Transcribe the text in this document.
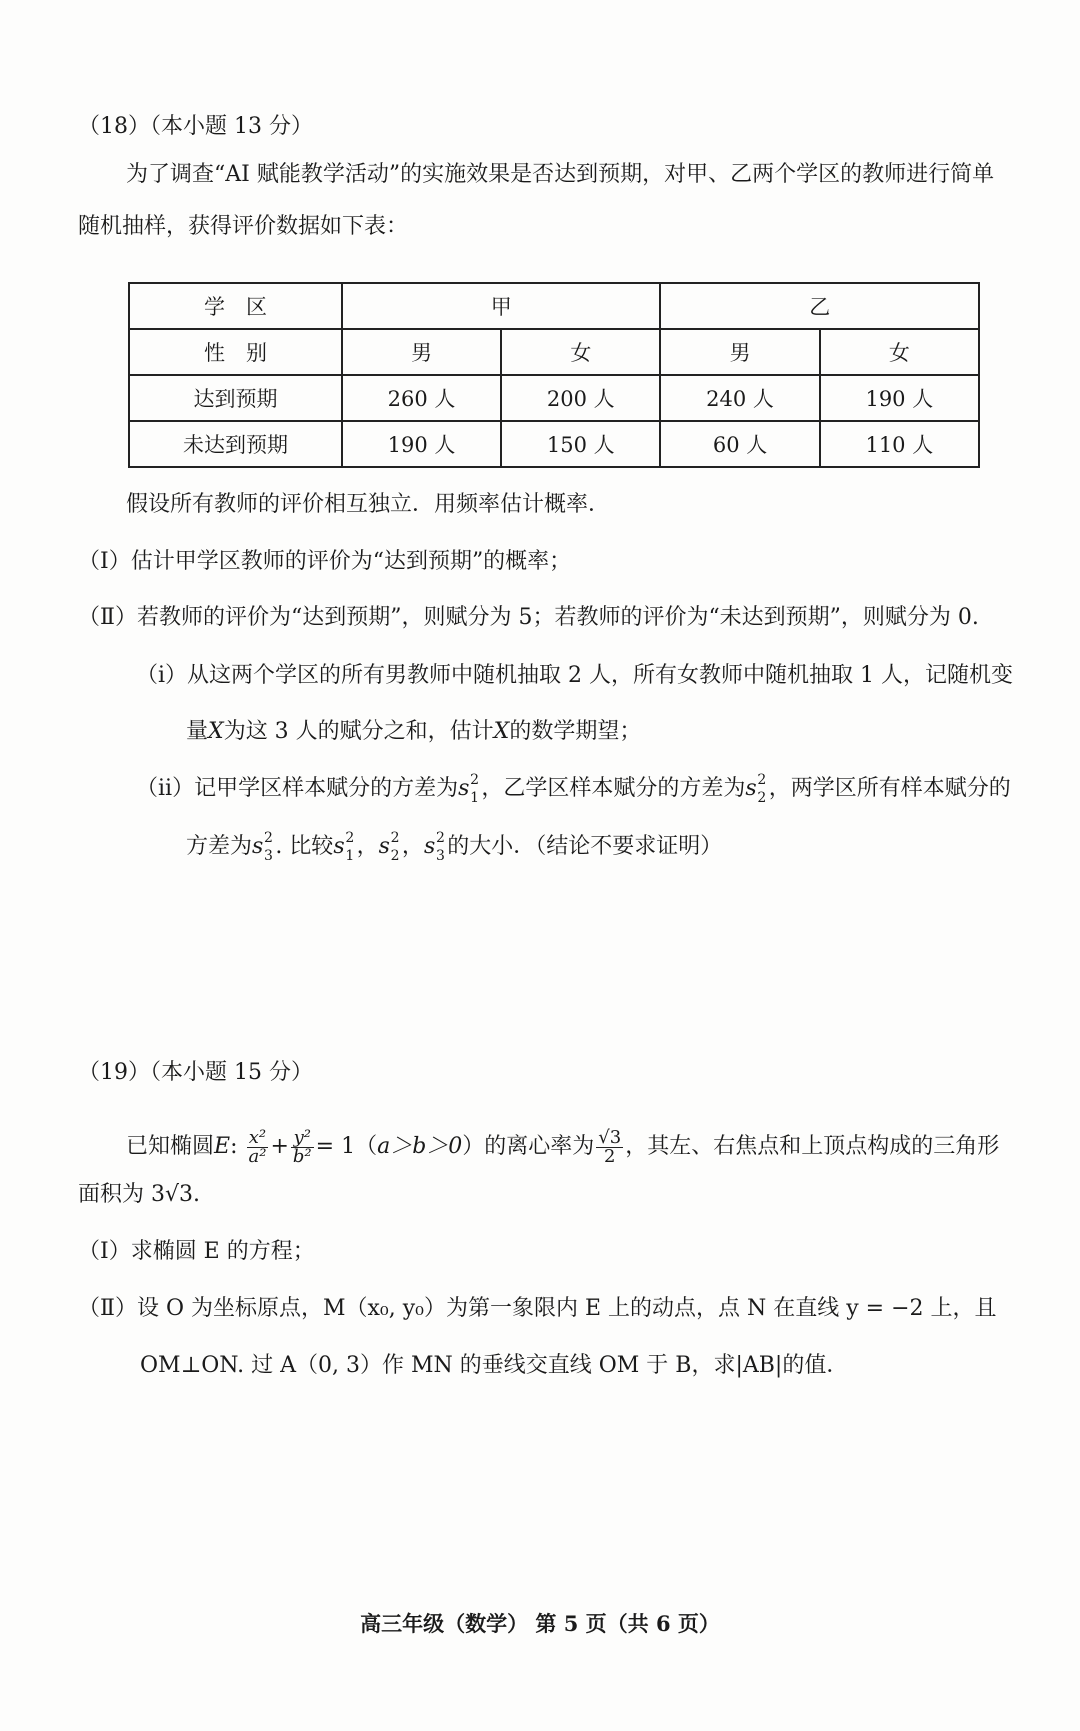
（18）（本小题 13 分）
为了调查“AI 赋能教学活动”的实施效果是否达到预期，对甲、乙两个学区的教师进行简单
随机抽样，获得评价数据如下表：
学　区	甲		乙	
性　别	男	女	男	女
达到预期	260 人	200 人	240 人	190 人
未达到预期	190 人	150 人	60 人	110 人
假设所有教师的评价相互独立．用频率估计概率．
（Ⅰ）估计甲学区教师的评价为“达到预期”的概率；
（Ⅱ）若教师的评价为“达到预期”，则赋分为 5；若教师的评价为“未达到预期”，则赋分为 0.
（ⅰ）从这两个学区的所有男教师中随机抽取 2 人，所有女教师中随机抽取 1 人，记随机变
量X为这 3 人的赋分之和，估计X的数学期望；
（ⅱ）记甲学区样本赋分的方差为s 2
1 ，乙学区样本赋分的方差为s 2
2 ，两学区所有样本赋分的
方差为s 2
3 . 比较s 2
1 ，s 2
2 ，s 2
3 的大小．（结论不要求证明）
（19）（本小题 15 分）
已知椭圆E: $\frac{\text{x²}}{\text{a²}} + \frac{\text{y²}}{\text{b²}} = 1(a>b>0)$的离心率为 $\frac{√3}{2}$ ，其左、右焦点和上顶点构成的三角形
面积为 3√3.
（Ⅰ）求椭圆 E 的方程；
（Ⅱ）设 O 为坐标原点，M（x₀, y₀）为第一象限内 E 上的动点，点 N 在直线 y = −2 上，且
OM⊥ON. 过 A（0, 3）作 MN 的垂线交直线 OM 于 B，求|AB|的值．
高三年级（数学） 第 5 页（共 6 页）
